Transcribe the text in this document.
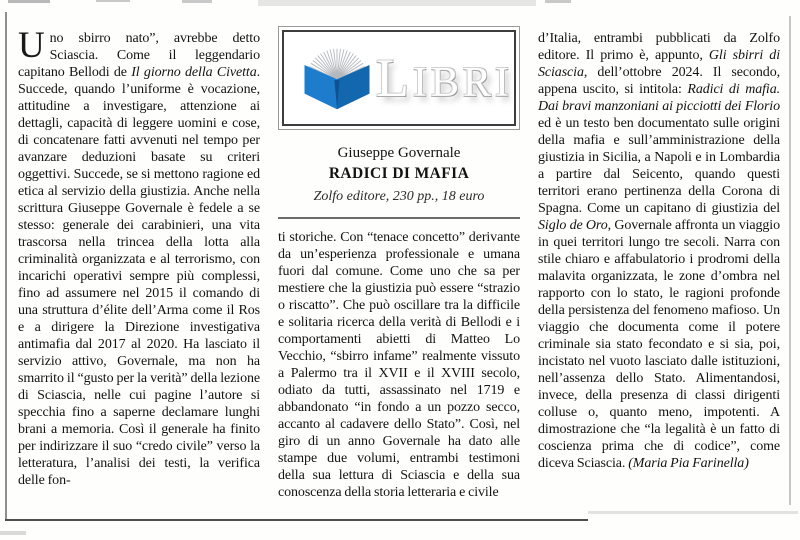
Uno sbirro nato”, avrebbe detto Sciascia. Come il leggendario capitano Bellodi de Il giorno della Civetta. Succede, quando l’uniforme è vocazione, attitudine a investigare, attenzione ai dettagli, capacità di leggere uomini e cose, di concatenare fatti avvenuti nel tempo per avanzare deduzioni basate su criteri oggettivi. Succede, se si mettono ragione ed etica al servizio della giustizia. Anche nella scrittura Giuseppe Governale è fedele a se stesso: generale dei carabinieri, una vita trascorsa nella trincea della lotta alla criminalità organizzata e al terrorismo, con incarichi operativi sempre più complessi, fino ad assumere nel 2015 il comando di una struttura d’élite dell’Arma come il Ros e a dirigere la Direzione investigativa antimafia dal 2017 al 2020. Ha lasciato il servizio attivo, Governale, ma non ha smarrito il “gusto per la verità” della lezione di Sciascia, nelle cui pagine l’autore si specchia fino a saperne declamare lunghi brani a memoria. Così il generale ha finito per indirizzare il suo “credo civile” verso la letteratura, l’analisi dei testi, la verifica delle fon-
LIBRI

Giuseppe Governale

RADICI DI MAFIA

Zolfo editore, 230 pp., 18 euro

ti storiche. Con “tenace concetto” derivante da un’esperienza professionale e umana fuori dal comune. Come uno che sa per mestiere che la giustizia può essere “strazio o riscatto”. Che può oscillare tra la difficile e solitaria ricerca della verità di Bellodi e i comportamenti abietti di Matteo Lo Vecchio, “sbirro infame” realmente vissuto a Palermo tra il XVII e il XVIII secolo, odiato da tutti, assassinato nel 1719 e abbandonato “in fondo a un pozzo secco, accanto al cadavere dello Stato”. Così, nel giro di un anno Governale ha dato alle stampe due volumi, entrambi testimoni della sua lettura di Sciascia e della sua conoscenza della storia letteraria e civile
d’Italia, entrambi pubblicati da Zolfo editore. Il primo è, appunto, Gli sbirri di Sciascia, dell’ottobre 2024. Il secondo, appena uscito, si intitola: Radici di mafia. Dai bravi manzoniani ai picciotti dei Florio ed è un testo ben documentato sulle origini della mafia e sull’amministrazione della giustizia in Sicilia, a Napoli e in Lombardia a partire dal Seicento, quando questi territori erano pertinenza della Corona di Spagna. Come un capitano di giustizia del Siglo de Oro, Governale affronta un viaggio in quei territori lungo tre secoli. Narra con stile chiaro e affabulatorio i prodromi della malavita organizzata, le zone d’ombra nel rapporto con lo stato, le ragioni profonde della persistenza del fenomeno mafioso. Un viaggio che documenta come il potere criminale sia stato fecondato e si sia, poi, incistato nel vuoto lasciato dalle istituzioni, nell’assenza dello Stato. Alimentandosi, invece, della presenza di classi dirigenti colluse o, quanto meno, impotenti. A dimostrazione che “la legalità è un fatto di coscienza prima che di codice”, come diceva Sciascia. (Maria Pia Farinella)
